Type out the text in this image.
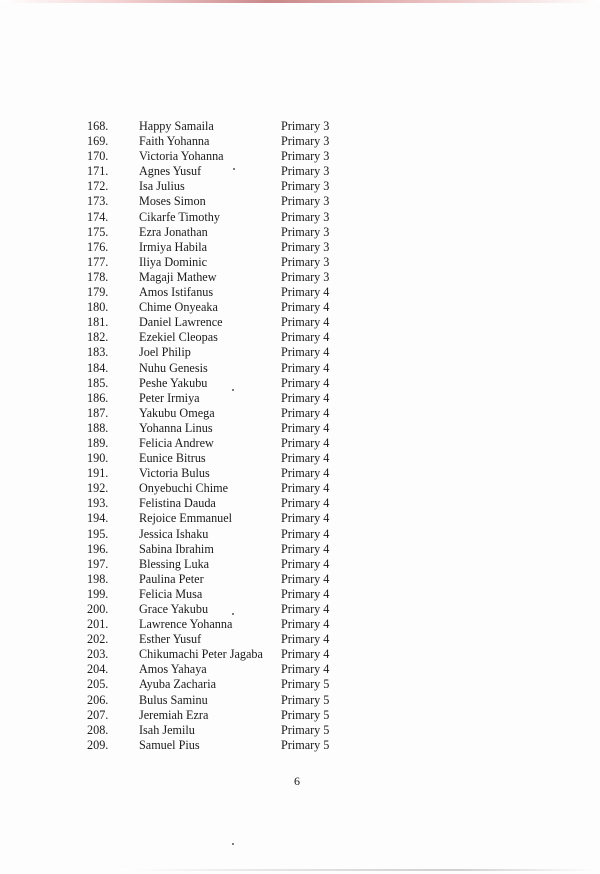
168.	Happy Samaila	Primary 3
169.	Faith Yohanna	Primary 3
170.	Victoria Yohanna	Primary 3
171.	Agnes Yusuf	Primary 3
172.	Isa Julius	Primary 3
173.	Moses Simon	Primary 3
174.	Cikarfe Timothy	Primary 3
175.	Ezra Jonathan	Primary 3
176.	Irmiya Habila	Primary 3
177.	Iliya Dominic	Primary 3
178.	Magaji Mathew	Primary 3
179.	Amos Istifanus	Primary 4
180.	Chime Onyeaka	Primary 4
181.	Daniel Lawrence	Primary 4
182.	Ezekiel Cleopas	Primary 4
183.	Joel Philip	Primary 4
184.	Nuhu Genesis	Primary 4
185.	Peshe Yakubu	Primary 4
186.	Peter Irmiya	Primary 4
187.	Yakubu Omega	Primary 4
188.	Yohanna Linus	Primary 4
189.	Felicia Andrew	Primary 4
190.	Eunice Bitrus	Primary 4
191.	Victoria Bulus	Primary 4
192.	Onyebuchi Chime	Primary 4
193.	Felistina Dauda	Primary 4
194.	Rejoice Emmanuel	Primary 4
195.	Jessica Ishaku	Primary 4
196.	Sabina Ibrahim	Primary 4
197.	Blessing Luka	Primary 4
198.	Paulina Peter	Primary 4
199.	Felicia Musa	Primary 4
200.	Grace Yakubu	Primary 4
201.	Lawrence Yohanna	Primary 4
202.	Esther Yusuf	Primary 4
203.	Chikumachi Peter Jagaba Primary 4
204.	Amos Yahaya	Primary 4
205.	Ayuba Zacharia	Primary 5
206.	Bulus Saminu	Primary 5
207.	Jeremiah Ezra	Primary 5
208.	Isah Jemilu	Primary 5
209.	Samuel Pius	Primary 5
6
